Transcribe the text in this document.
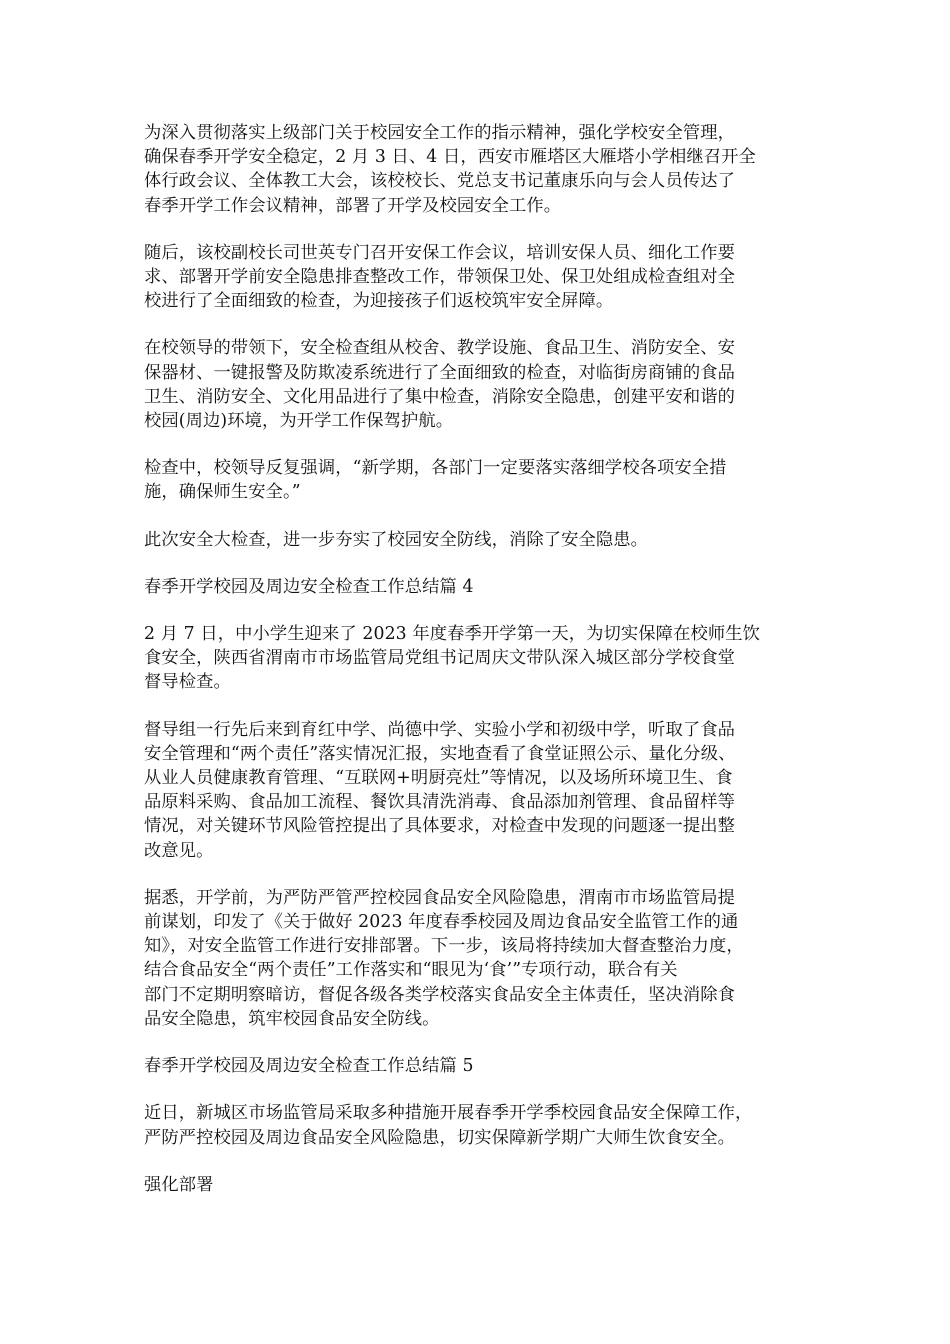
为深入贯彻落实上级部门关于校园安全工作的指示精神，强化学校安全管理，
确保春季开学安全稳定，2 月 3 日、4 日，西安市雁塔区大雁塔小学相继召开全
体行政会议、全体教工大会，该校校长、党总支书记董康乐向与会人员传达了
春季开学工作会议精神，部署了开学及校园安全工作。
随后，该校副校长司世英专门召开安保工作会议，培训安保人员、细化工作要
求、部署开学前安全隐患排查整改工作，带领保卫处、保卫处组成检查组对全
校进行了全面细致的检查，为迎接孩子们返校筑牢安全屏障。
在校领导的带领下，安全检查组从校舍、教学设施、食品卫生、消防安全、安
保器材、一键报警及防欺凌系统进行了全面细致的检查，对临街房商铺的食品
卫生、消防安全、文化用品进行了集中检查，消除安全隐患，创建平安和谐的
校园(周边)环境，为开学工作保驾护航。
检查中，校领导反复强调，“新学期，各部门一定要落实落细学校各项安全措
施，确保师生安全。”
此次安全大检查，进一步夯实了校园安全防线，消除了安全隐患。
春季开学校园及周边安全检查工作总结篇 4
2 月 7 日，中小学生迎来了 2023 年度春季开学第一天，为切实保障在校师生饮
食安全，陕西省渭南市市场监管局党组书记周庆文带队深入城区部分学校食堂
督导检查。
督导组一行先后来到育红中学、尚德中学、实验小学和初级中学，听取了食品
安全管理和“两个责任”落实情况汇报，实地查看了食堂证照公示、量化分级、
从业人员健康教育管理、“互联网+明厨亮灶”等情况，以及场所环境卫生、食
品原料采购、食品加工流程、餐饮具清洗消毒、食品添加剂管理、食品留样等
情况，对关键环节风险管控提出了具体要求，对检查中发现的问题逐一提出整
改意见。
据悉，开学前，为严防严管严控校园食品安全风险隐患，渭南市市场监管局提
前谋划，印发了《关于做好 2023 年度春季校园及周边食品安全监管工作的通
知》，对安全监管工作进行安排部署。下一步，该局将持续加大督查整治力度，
结合食品安全“两个责任”工作落实和“眼见为‘食’”专项行动，联合有关
部门不定期明察暗访，督促各级各类学校落实食品安全主体责任，坚决消除食
品安全隐患，筑牢校园食品安全防线。
春季开学校园及周边安全检查工作总结篇 5
近日，新城区市场监管局采取多种措施开展春季开学季校园食品安全保障工作，
严防严控校园及周边食品安全风险隐患，切实保障新学期广大师生饮食安全。
强化部署
